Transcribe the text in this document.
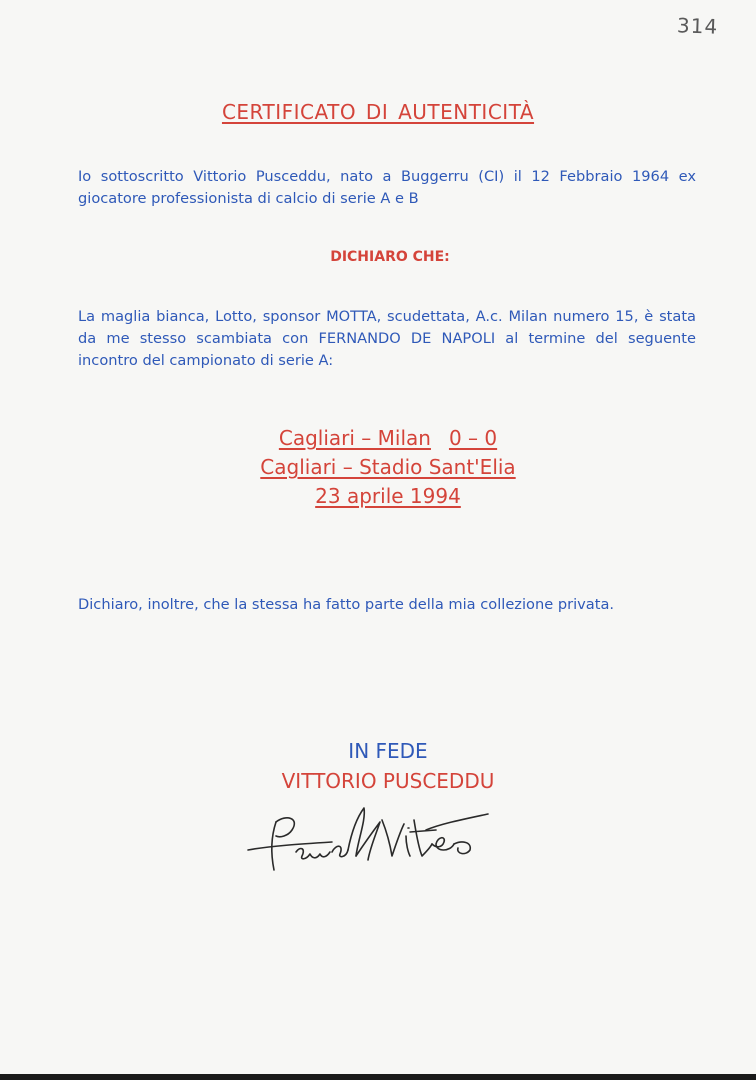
314
CERTIFICATO DI AUTENTICITÀ
Io sottoscritto Vittorio Pusceddu, nato a Buggerru (CI) il 12 Febbraio 1964 ex giocatore professionista di calcio di serie A e B
DICHIARO CHE:
La maglia bianca, Lotto, sponsor MOTTA, scudettata, A.c. Milan numero 15, è stata da me stesso scambiata con FERNANDO DE NAPOLI al termine del seguente incontro del campionato di serie A:
Cagliari – Milan 0 – 0
Cagliari – Stadio Sant'Elia
23 aprile 1994
Dichiaro, inoltre, che la stessa ha fatto parte della mia collezione privata.
IN FEDE
VITTORIO PUSCEDDU
